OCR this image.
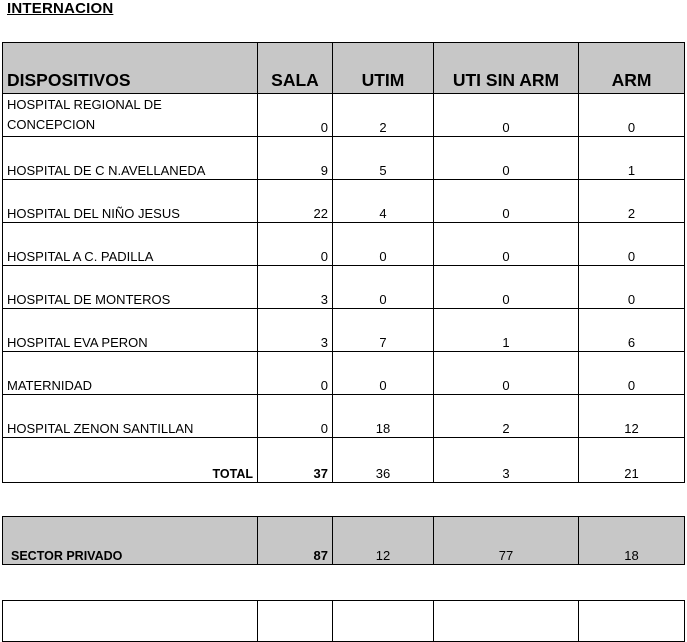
INTERNACION
DISPOSITIVOS	SALA	UTIM	UTI SIN ARM	ARM
HOSPITAL REGIONAL DE CONCEPCION	0	2	0	0
HOSPITAL DE C N.AVELLANEDA	9	5	0	1
HOSPITAL DEL NIÑO JESUS	22	4	0	2
HOSPITAL A C. PADILLA	0	0	0	0
HOSPITAL DE MONTEROS	3	0	0	0
HOSPITAL EVA PERON	3	7	1	6
MATERNIDAD	0	0	0	0
HOSPITAL ZENON SANTILLAN	0	18	2	12
TOTAL	37	36	3	21
SECTOR PRIVADO	87	12	77	18
